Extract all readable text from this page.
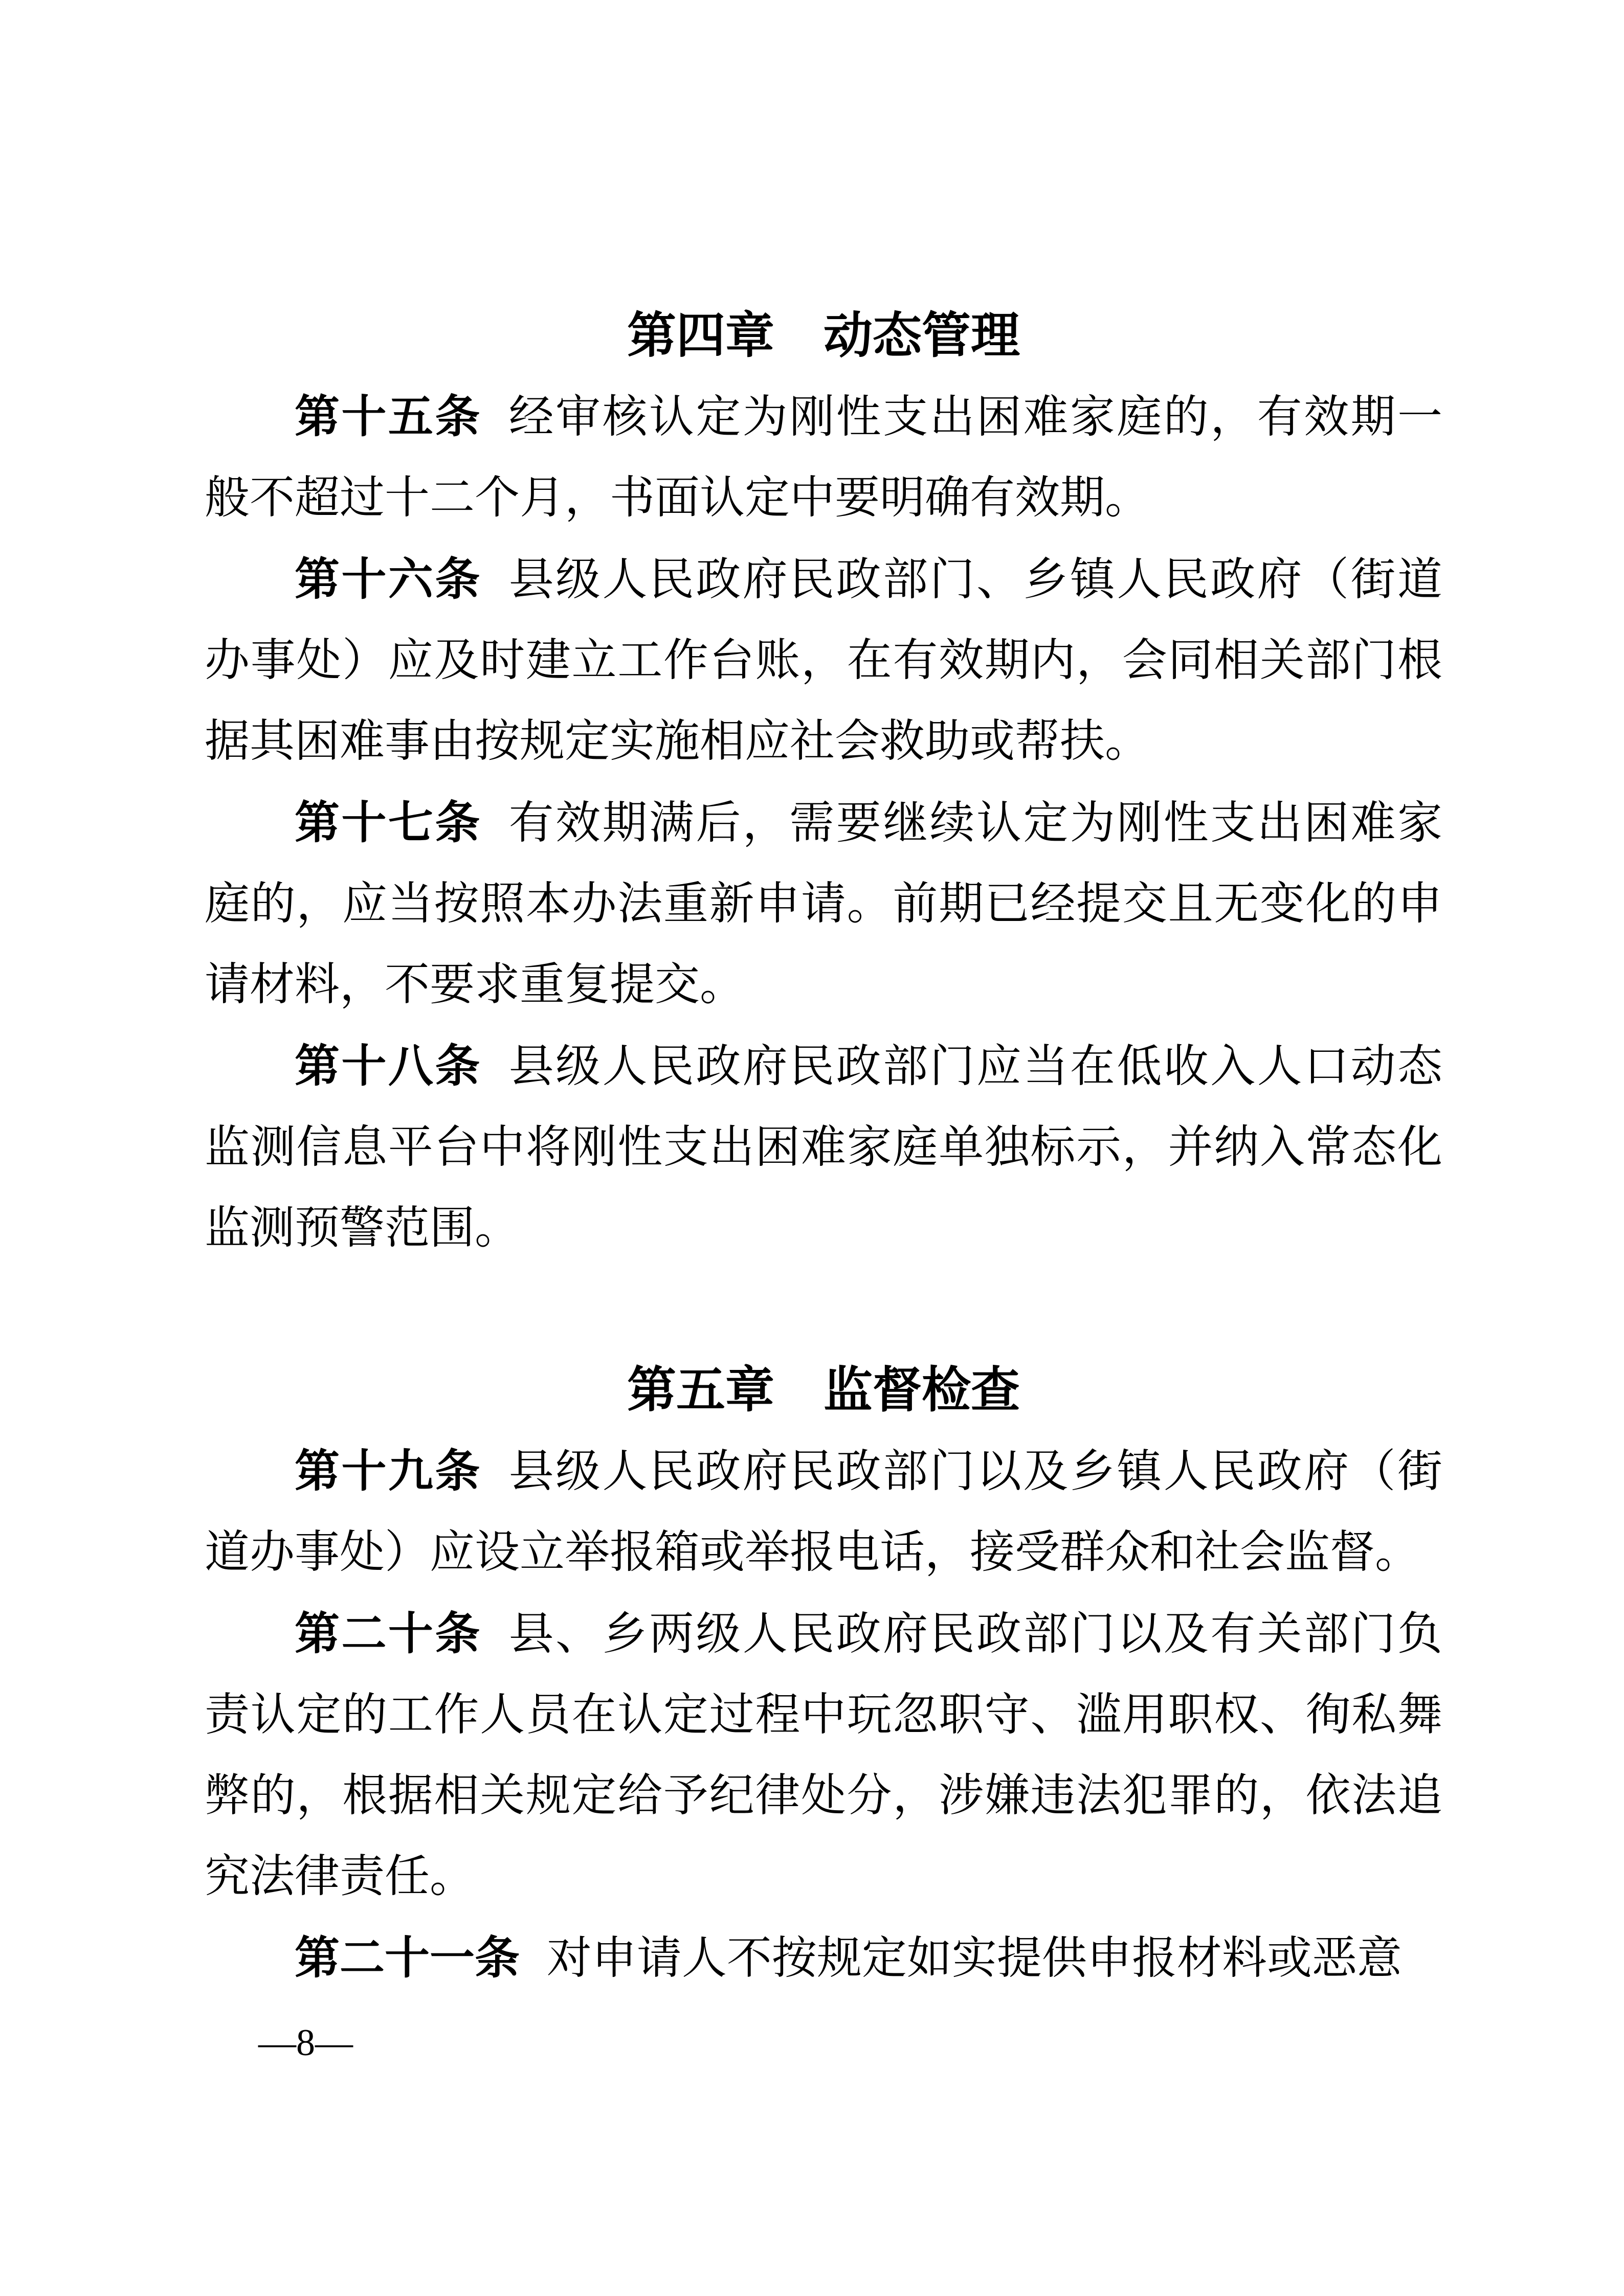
第四章 动态管理

第十五条 经审核认定为刚性支出困难家庭的，有效期一般不超过十二个月，书面认定中要明确有效期。

第十六条 县级人民政府民政部门、乡镇人民政府（街道办事处）应及时建立工作台账，在有效期内，会同相关部门根据其困难事由按规定实施相应社会救助或帮扶。

第十七条 有效期满后，需要继续认定为刚性支出困难家庭的，应当按照本办法重新申请。前期已经提交且无变化的申请材料，不要求重复提交。

第十八条 县级人民政府民政部门应当在低收入人口动态监测信息平台中将刚性支出困难家庭单独标示，并纳入常态化监测预警范围。

第五章 监督检查

第十九条 县级人民政府民政部门以及乡镇人民政府（街道办事处）应设立举报箱或举报电话，接受群众和社会监督。

第二十条 县、乡两级人民政府民政部门以及有关部门负责认定的工作人员在认定过程中玩忽职守、滥用职权、徇私舞弊的，根据相关规定给予纪律处分，涉嫌违法犯罪的，依法追究法律责任。

第二十一条 对申请人不按规定如实提供申报材料或恶意

—8—
